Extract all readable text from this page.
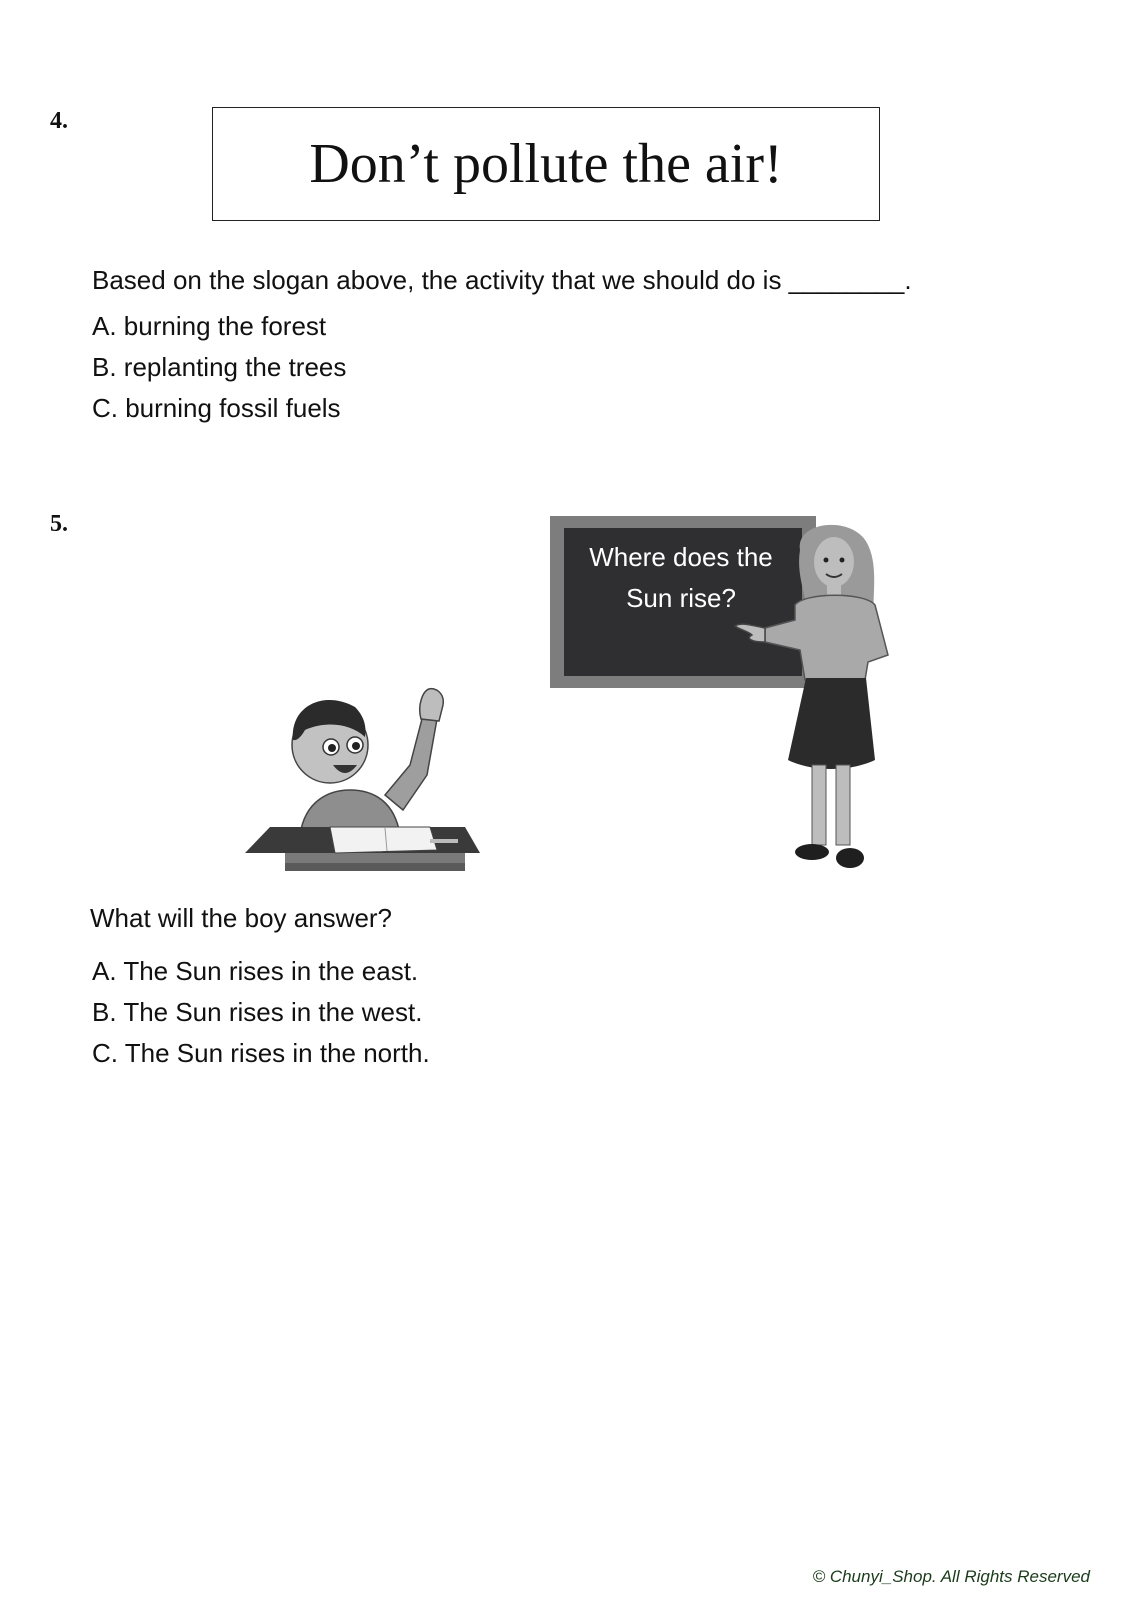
4.
Don’t pollute the air!
Based on the slogan above, the activity that we should do is ________.
A. burning the forest
B. replanting the trees
C. burning fossil fuels
5.
Where does the
Sun rise?
What will the boy answer?
A. The Sun rises in the east.
B. The Sun rises in the west.
C. The Sun rises in the north.
© Chunyi_Shop. All Rights Reserved
